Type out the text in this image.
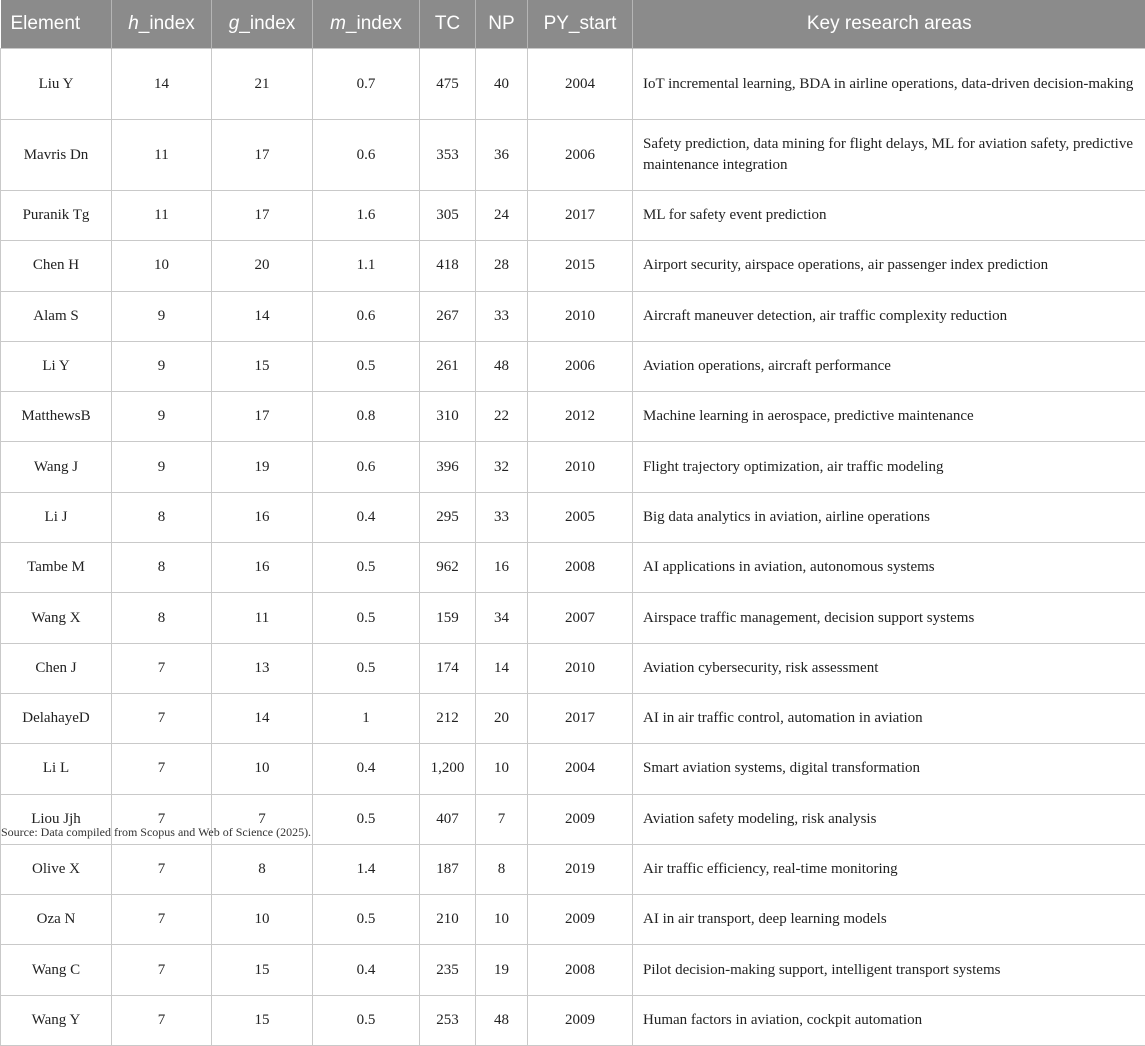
Element	h_index	g_index	m_index	TC	NP	PY_start	Key research areas
Liu Y	14	21	0.7	475	40	2004	IoT incremental learning, BDA in airline operations, data-driven decision-making
Mavris Dn	11	17	0.6	353	36	2006	Safety prediction, data mining for flight delays, ML for aviation safety, predictive maintenance integration
Puranik Tg	11	17	1.6	305	24	2017	ML for safety event prediction
Chen H	10	20	1.1	418	28	2015	Airport security, airspace operations, air passenger index prediction
Alam S	9	14	0.6	267	33	2010	Aircraft maneuver detection, air traffic complexity reduction
Li Y	9	15	0.5	261	48	2006	Aviation operations, aircraft performance
MatthewsB	9	17	0.8	310	22	2012	Machine learning in aerospace, predictive maintenance
Wang J	9	19	0.6	396	32	2010	Flight trajectory optimization, air traffic modeling
Li J	8	16	0.4	295	33	2005	Big data analytics in aviation, airline operations
Tambe M	8	16	0.5	962	16	2008	AI applications in aviation, autonomous systems
Wang X	8	11	0.5	159	34	2007	Airspace traffic management, decision support systems
Chen J	7	13	0.5	174	14	2010	Aviation cybersecurity, risk assessment
DelahayeD	7	14	1	212	20	2017	AI in air traffic control, automation in aviation
Li L	7	10	0.4	1,200	10	2004	Smart aviation systems, digital transformation
Liou Jjh	7	7	0.5	407	7	2009	Aviation safety modeling, risk analysis
Olive X	7	8	1.4	187	8	2019	Air traffic efficiency, real-time monitoring
Oza N	7	10	0.5	210	10	2009	AI in air transport, deep learning models
Wang C	7	15	0.4	235	19	2008	Pilot decision-making support, intelligent transport systems
Wang Y	7	15	0.5	253	48	2009	Human factors in aviation, cockpit automation
Source: Data compiled from Scopus and Web of Science (2025).
